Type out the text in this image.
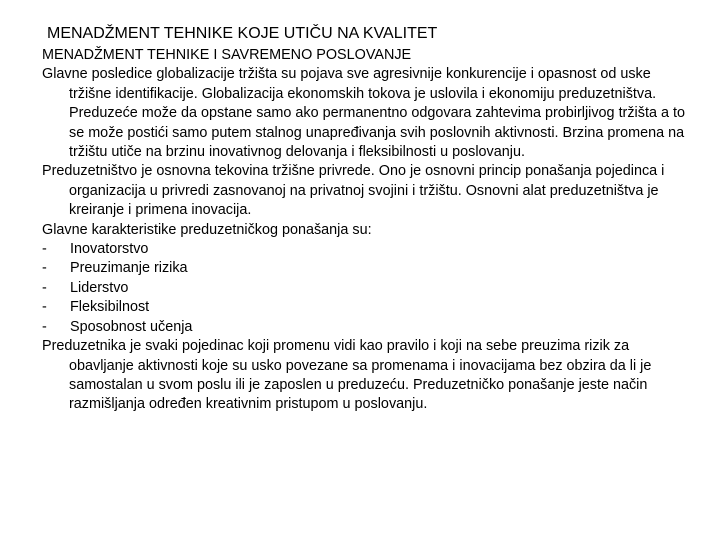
MENADŽMENT TEHNIKE KOJE UTIČU NA KVALITET

MENADŽMENT TEHNIKE I SAVREMENO POSLOVANJE

Glavne posledice globalizacije tržišta su pojava sve agresivnije konkurencije i opasnost od uske tržišne identifikacije. Globalizacija ekonomskih tokova je uslovila i ekonomiju preduzetništva. Preduzeće može da opstane samo ako permanentno odgovara zahtevima probirljivog tržišta a to se može postići samo putem stalnog unapređivanja svih poslovnih aktivnosti. Brzina promena na tržištu utiče na brzinu inovativnog delovanja i fleksibilnosti u poslovanju.

Preduzetništvo je osnovna tekovina tržišne privrede. Ono je osnovni princip ponašanja pojedinca i organizacija u privredi zasnovanoj na privatnoj svojini i tržištu. Osnovni alat preduzetništva je kreiranje i primena inovacija.

Glavne karakteristike preduzetničkog ponašanja su:

-	Inovatorstvo
-	Preuzimanje rizika
-	Liderstvo
-	Fleksibilnost
-	Sposobnost učenja

Preduzetnika je svaki pojedinac koji promenu vidi kao pravilo i koji na sebe preuzima rizik za obavljanje aktivnosti koje su usko povezane sa promenama i inovacijama bez obzira da li je samostalan u svom poslu ili je zaposlen u preduzeću. Preduzetničko ponašanje jeste način razmišljanja određen kreativnim pristupom u poslovanju.
